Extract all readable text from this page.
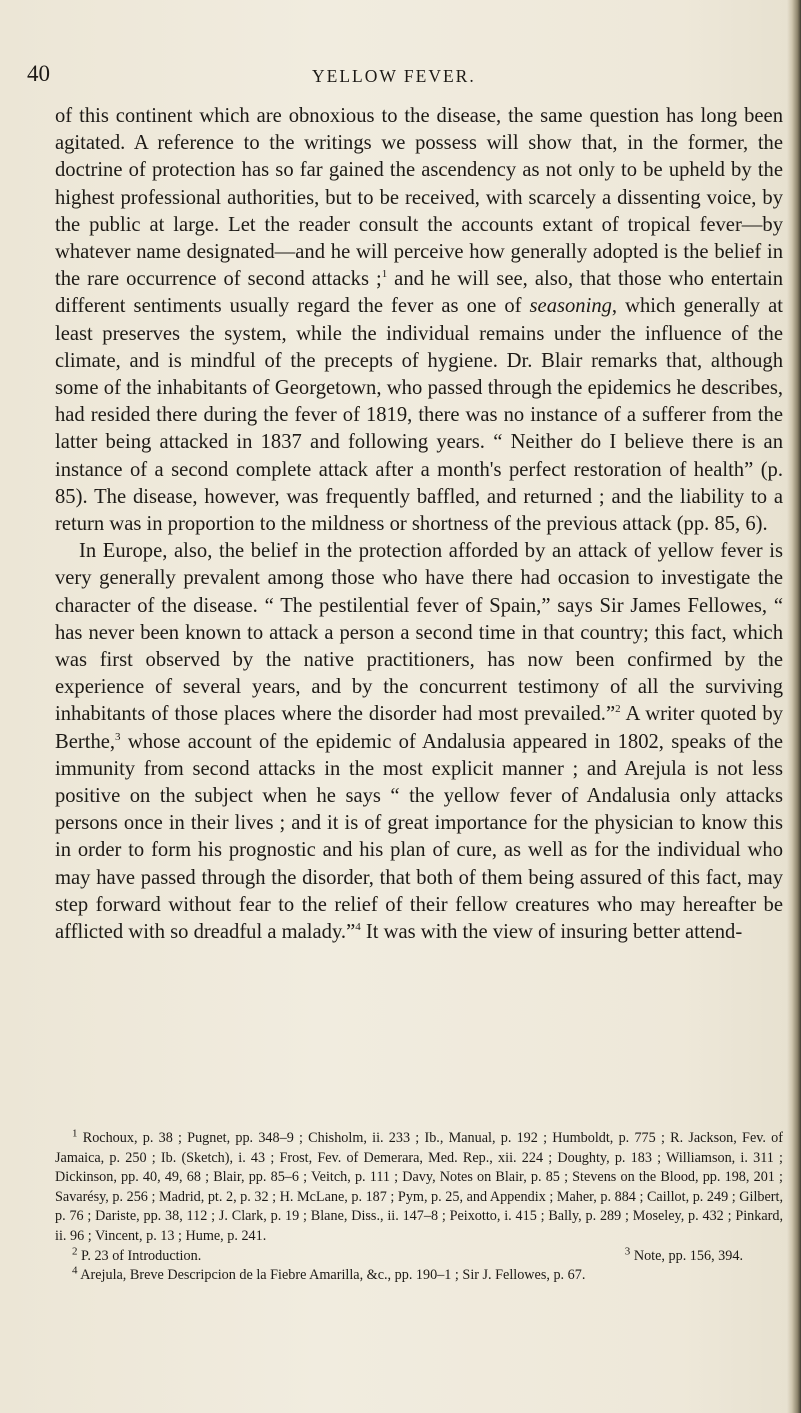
40	YELLOW FEVER.

of this continent which are obnoxious to the disease, the same question has long been agitated. A reference to the writings we possess will show that, in the former, the doctrine of protection has so far gained the ascendency as not only to be upheld by the highest professional authorities, but to be received, with scarcely a dissenting voice, by the public at large. Let the reader consult the accounts extant of tropical fever—by whatever name designated—and he will perceive how generally adopted is the belief in the rare occurrence of second attacks ;$^1$ and he will see, also, that those who entertain different sentiments usually regard the fever as one of seasoning, which generally at least preserves the system, while the individual remains under the influence of the climate, and is mindful of the precepts of hygiene. Dr. Blair remarks that, although some of the inhabitants of Georgetown, who passed through the epidemics he describes, had resided there during the fever of 1819, there was no instance of a sufferer from the latter being attacked in 1837 and following years. “ Neither do I believe there is an instance of a second complete attack after a month's perfect restoration of health” (p. 85). The disease, however, was frequently baffled, and returned ; and the liability to a return was in proportion to the mildness or shortness of the previous attack (pp. 85, 6).

In Europe, also, the belief in the protection afforded by an attack of yellow fever is very generally prevalent among those who have there had occasion to investigate the character of the disease. “ The pestilential fever of Spain,” says Sir James Fellowes, “ has never been known to attack a person a second time in that country; this fact, which was first observed by the native practitioners, has now been confirmed by the experience of several years, and by the concurrent testimony of all the surviving inhabitants of those places where the disorder had most prevailed.”$^2$ A writer quoted by Berthe,$^3$ whose account of the epidemic of Andalusia appeared in 1802, speaks of the immunity from second attacks in the most explicit manner ; and Arejula is not less positive on the subject when he says “ the yellow fever of Andalusia only attacks persons once in their lives ; and it is of great importance for the physician to know this in order to form his prognostic and his plan of cure, as well as for the individual who may have passed through the disorder, that both of them being assured of this fact, may step forward without fear to the relief of their fellow creatures who may hereafter be afflicted with so dreadful a malady.”$^4$ It was with the view of insuring better attend-

$^1$ Rochoux, p. 38 ; Pugnet, pp. 348–9 ; Chisholm, ii. 233 ; Ib., Manual, p. 192 ; Humboldt, p. 775 ; R. Jackson, Fev. of Jamaica, p. 250 ; Ib. (Sketch), i. 43 ; Frost, Fev. of Demerara, Med. Rep., xii. 224 ; Doughty, p. 183 ; Williamson, i. 311 ; Dickinson, pp. 40, 49, 68 ; Blair, pp. 85–6 ; Veitch, p. 111 ; Davy, Notes on Blair, p. 85 ; Stevens on the Blood, pp. 198, 201 ; Savarésy, p. 256 ; Madrid, pt. 2, p. 32 ; H. McLane, p. 187 ; Pym, p. 25, and Appendix ; Maher, p. 884 ; Caillot, p. 249 ; Gilbert, p. 76 ; Dariste, pp. 38, 112 ; J. Clark, p. 19 ; Blane, Diss., ii. 147–8 ; Peixotto, i. 415 ; Bally, p. 289 ; Moseley, p. 432 ; Pinkard, ii. 96 ; Vincent, p. 13 ; Hume, p. 241.

$^2$ P. 23 of Introduction.	$^3$ Note, pp. 156, 394.

$^4$ Arejula, Breve Descripcion de la Fiebre Amarilla, &c., pp. 190–1 ; Sir J. Fellowes, p. 67.
